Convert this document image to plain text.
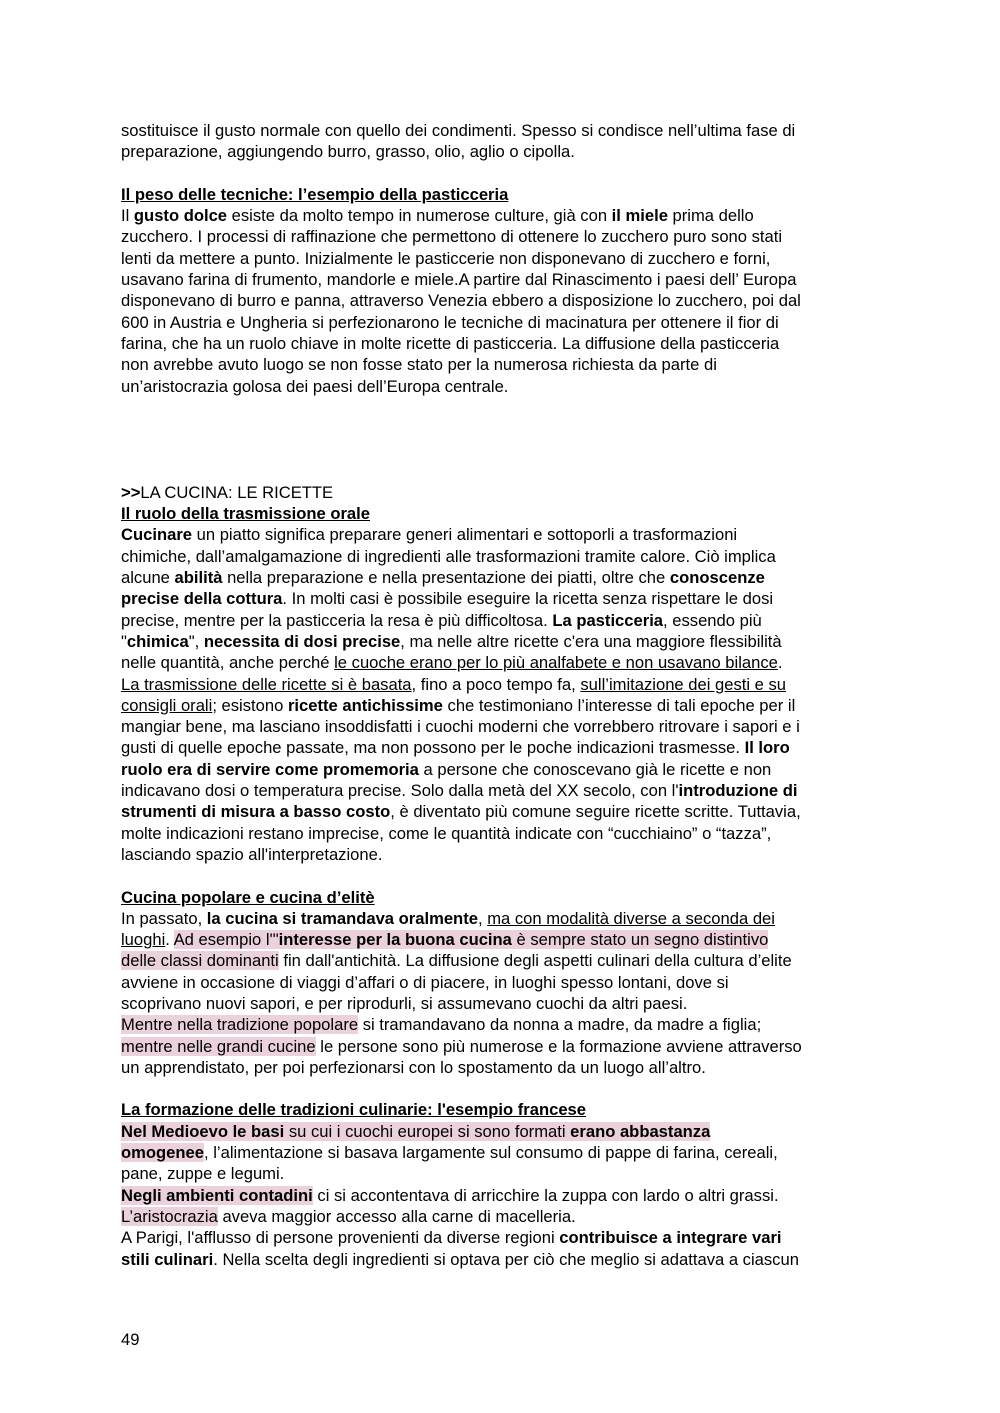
sostituisce il gusto normale con quello dei condimenti. Spesso si condisce nell’ultima fase di
preparazione, aggiungendo burro, grasso, olio, aglio o cipolla.
Il peso delle tecniche: l’esempio della pasticceria
Il gusto dolce esiste da molto tempo in numerose culture, già con il miele prima dello
zucchero. I processi di raffinazione che permettono di ottenere lo zucchero puro sono stati
lenti da mettere a punto. Inizialmente le pasticcerie non disponevano di zucchero e forni,
usavano farina di frumento, mandorle e miele.A partire dal Rinascimento i paesi dell’ Europa
disponevano di burro e panna, attraverso Venezia ebbero a disposizione lo zucchero, poi dal
600 in Austria e Ungheria si perfezionarono le tecniche di macinatura per ottenere il fior di
farina, che ha un ruolo chiave in molte ricette di pasticceria. La diffusione della pasticceria
non avrebbe avuto luogo se non fosse stato per la numerosa richiesta da parte di
un’aristocrazia golosa dei paesi dell’Europa centrale.
>>LA CUCINA: LE RICETTE
Il ruolo della trasmissione orale
Cucinare un piatto significa preparare generi alimentari e sottoporli a trasformazioni
chimiche, dall’amalgamazione di ingredienti alle trasformazioni tramite calore. Ciò implica
alcune abilità nella preparazione e nella presentazione dei piatti, oltre che conoscenze
precise della cottura. In molti casi è possibile eseguire la ricetta senza rispettare le dosi
precise, mentre per la pasticceria la resa è più difficoltosa. La pasticceria, essendo più
"chimica", necessita di dosi precise, ma nelle altre ricette c'era una maggiore flessibilità
nelle quantità, anche perché le cuoche erano per lo più analfabete e non usavano bilance.
La trasmissione delle ricette si è basata, fino a poco tempo fa, sull’imitazione dei gesti e su
consigli orali; esistono ricette antichissime che testimoniano l’interesse di tali epoche per il
mangiar bene, ma lasciano insoddisfatti i cuochi moderni che vorrebbero ritrovare i sapori e i
gusti di quelle epoche passate, ma non possono per le poche indicazioni trasmesse. Il loro
ruolo era di servire come promemoria a persone che conoscevano già le ricette e non
indicavano dosi o temperatura precise. Solo dalla metà del XX secolo, con l'introduzione di
strumenti di misura a basso costo, è diventato più comune seguire ricette scritte. Tuttavia,
molte indicazioni restano imprecise, come le quantità indicate con “cucchiaino” o “tazza”,
lasciando spazio all'interpretazione.
Cucina popolare e cucina d’elitè
In passato, la cucina si tramandava oralmente, ma con modalità diverse a seconda dei
luoghi. Ad esempio l'"interesse per la buona cucina è sempre stato un segno distintivo
delle classi dominanti fin dall'antichità. La diffusione degli aspetti culinari della cultura d’elite
avviene in occasione di viaggi d’affari o di piacere, in luoghi spesso lontani, dove si
scoprivano nuovi sapori, e per riprodurli, si assumevano cuochi da altri paesi.
Mentre nella tradizione popolare si tramandavano da nonna a madre, da madre a figlia;
mentre nelle grandi cucine le persone sono più numerose e la formazione avviene attraverso
un apprendistato, per poi perfezionarsi con lo spostamento da un luogo all’altro.
La formazione delle tradizioni culinarie: l'esempio francese
Nel Medioevo le basi su cui i cuochi europei si sono formati erano abbastanza
omogenee, l’alimentazione si basava largamente sul consumo di pappe di farina, cereali,
pane, zuppe e legumi.
Negli ambienti contadini ci si accontentava di arricchire la zuppa con lardo o altri grassi.
L’aristocrazia aveva maggior accesso alla carne di macelleria.
A Parigi, l'afflusso di persone provenienti da diverse regioni contribuisce a integrare vari
stili culinari. Nella scelta degli ingredienti si optava per ciò che meglio si adattava a ciascun
49
